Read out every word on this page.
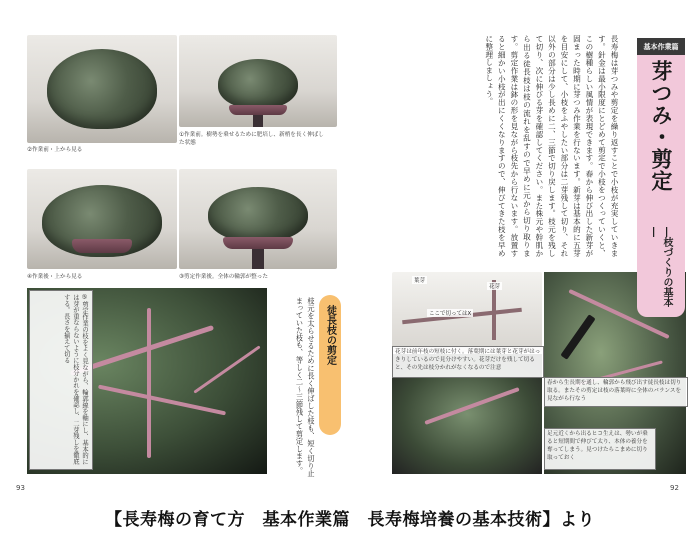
②作業前・上から見る
①作業前。樹勢を乗せるために肥培し、新梢を長く伸ばした状態
④作業後・上から見る	③剪定作業後。全体の輪郭が整った
⑤剪定作業の枝をよく見ながら、輪郭線を軸にし、基本的には芽が重ならないように枝分かれを確認し、二芽残しを徹底する。長さを揃えて切る	枝元を太らせるために長く伸ばした枝も、短く切り止まっていた枝も、等しく二〜三節残して剪定します。	徒長枝の剪定
93
長寿梅は芽つみや剪定を繰り返すことで小枝が充実していきます。針金は最小限度にとどめて剪定で小枝をつくっていくと、この樹種らしい風情が表現できます。春から伸び出した新芽が固まった時期に芽つみ作業を行ないます。新芽は基本的に五芽を目安にして、小枝をふやしたい部分は二芽残して切り、それ以外の部分は少し長めに二、三節で切り戻します。枝元を残して切り、次に伸びる芽を確認してください。また株元や幹肌から出る徒長枝は枝の流れを乱すので早めに元から切り取ります。剪定作業は鉢の形を見ながら枝先から行ないます。放置すると細かい小枝が出にくくなりますので、伸びてきた枝を早めに整理しましょう。
葉芽
花芽
ここで切ってはX
花芽は前年枝の短枝に付く。落葉期には葉芽と花芽がはっきりしているので見分けやすい。花芽だけを残して切ると、その先は枝分かれがなくなるので注意
春から生長期を通し、輪郭から飛び出す徒長枝は切り取る。またその剪定は枝の落葉時に全体のバランスを見ながら行なう
足元近くから出るヒコ生えは、勢いが乗ると短期間で伸びて太り、本体の養分を奪ってしまう。見つけたらこまめに切り取っておく
92
基本作業篇
芽つみ・剪定
―枝づくりの基本―
【長寿梅の育て方　基本作業篇　長寿梅培養の基本技術】より
